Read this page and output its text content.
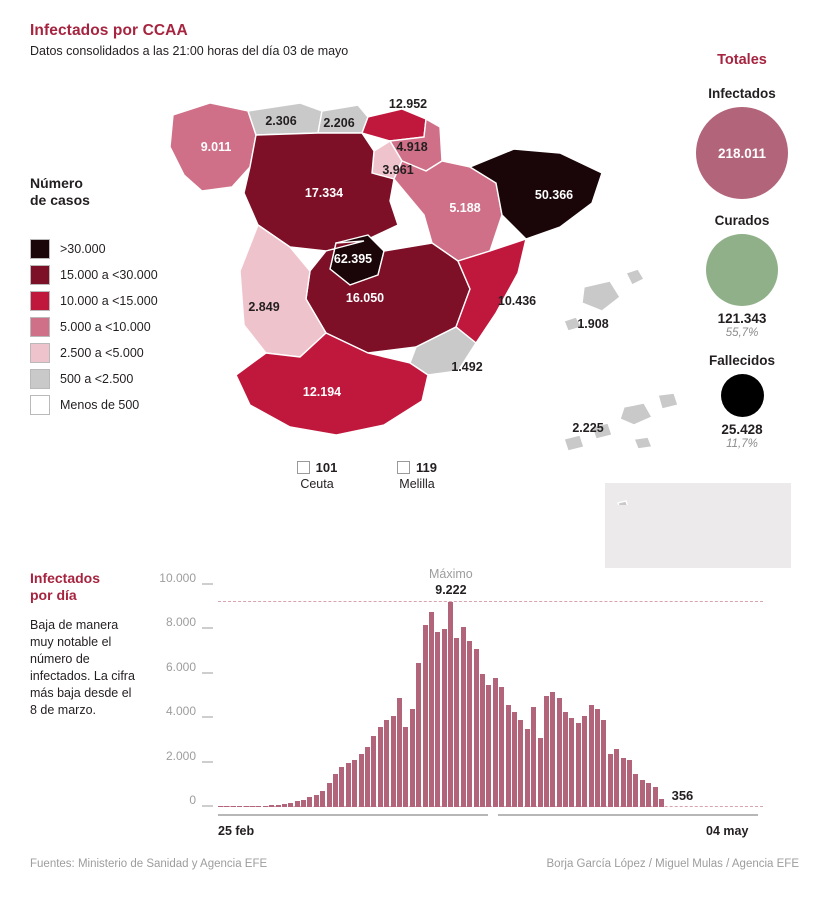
Infectados por CCAA
Datos consolidados a las 21:00 horas del día 03 de mayo
Número
de casos
>30.000
15.000 a <30.000
10.000 a <15.000
5.000 a <10.000
2.500 a <5.000
500 a <2.500
Menos de 500
9.011
2.306 2.206
12.952
4.918
3.961
17.334
5.188
50.366
62.395
16.050
2.849	10.436
1.908
1.492
12.194
2.225
101
Ceuta
119
Melilla
Totales
Infectados
218.011
Curados
121.343
55,7%
Fallecidos
25.428
11,7%
Infectados
por día
Baja de manera muy notable el número de infectados. La cifra más baja desde el 8 de marzo.
0
2.000
4.000
6.000
8.000
10.000	Máximo
9.222
356
25 feb	04 may
Fuentes: Ministerio de Sanidad y Agencia EFE	Borja García López / Miguel Mulas / Agencia EFE
